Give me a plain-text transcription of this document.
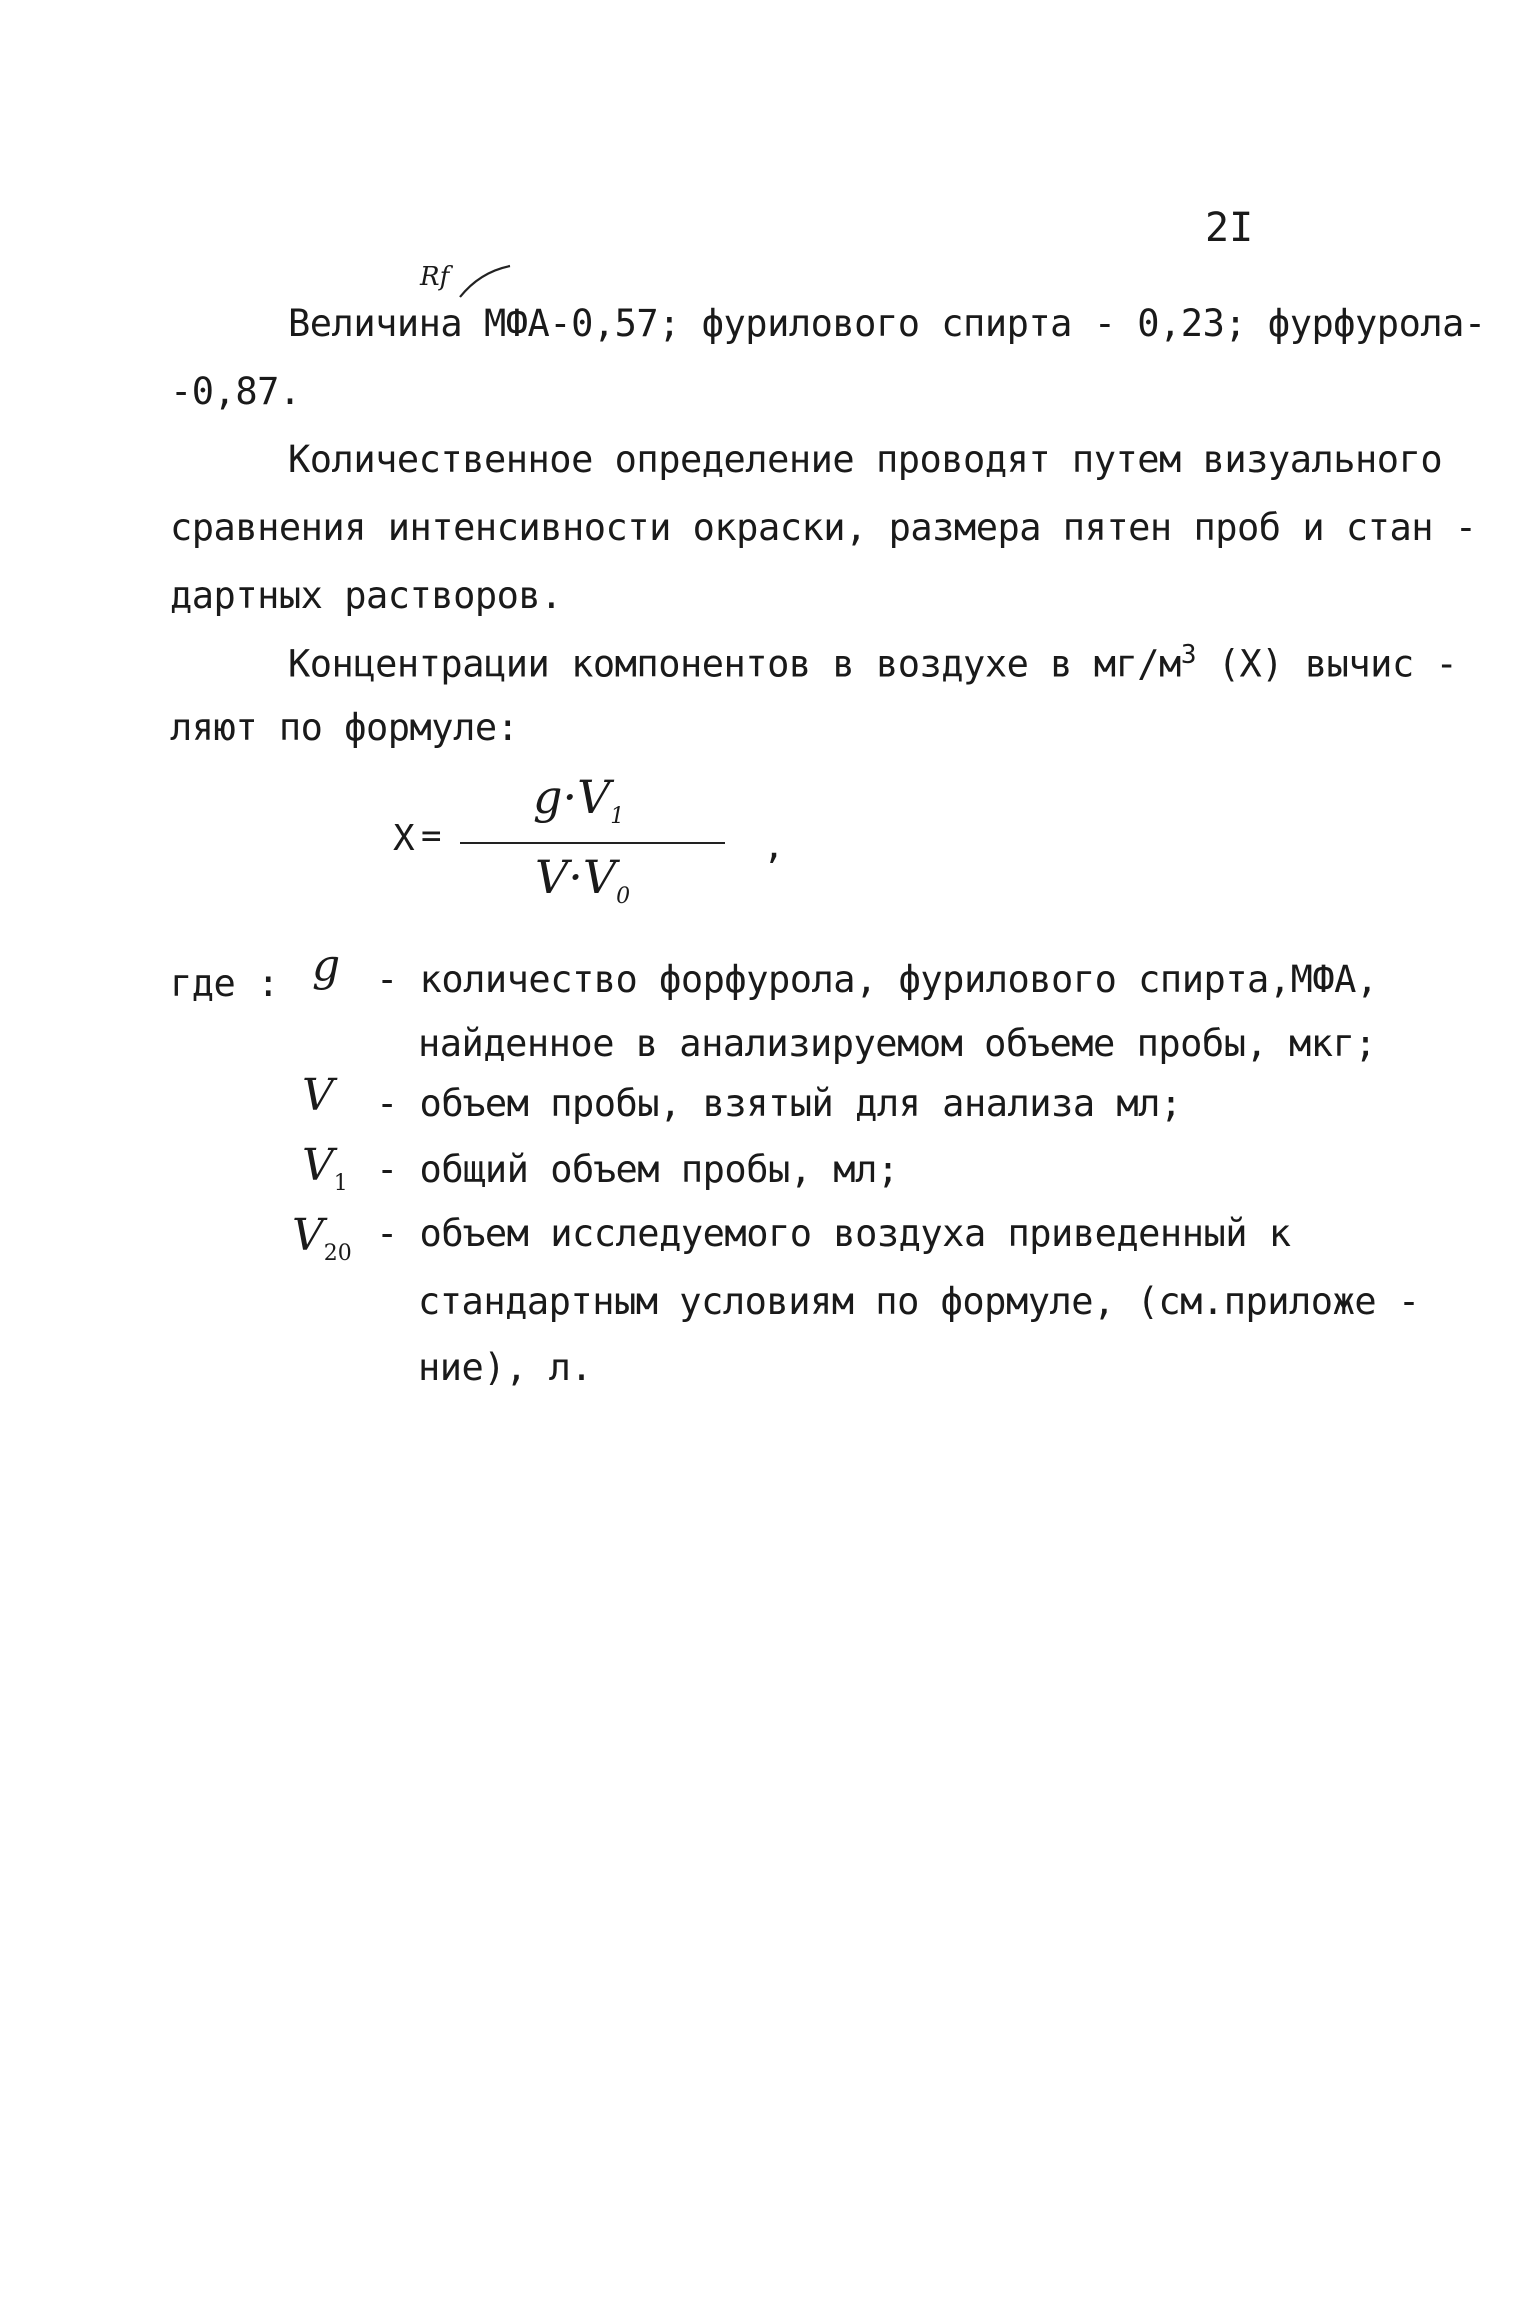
2I
Rf
Величина МФА-0,57; фурилового спирта - 0,23; фурфурола-
-0,87.
Количественное определение проводят путем визуального
сравнения интенсивности окраски, размера пятен проб и стан -
дартных растворов.
Концентрации компонентов в воздухе в $мг/м^3$ (X) вычис -
ляют по формуле:
X =
$g\cdot V_1$
$V\cdot V_0$
,
где : g - количество форфурола, фурилового спирта,МФА,
найденное в анализируемом объеме пробы, мкг;
V - объем пробы, взятый для анализа мл;
$V_1$ - общий объем пробы, мл;
$V_{20}$ - объем исследуемого воздуха приведенный к
стандартным условиям по формуле, (см.приложе -
ние), л.
